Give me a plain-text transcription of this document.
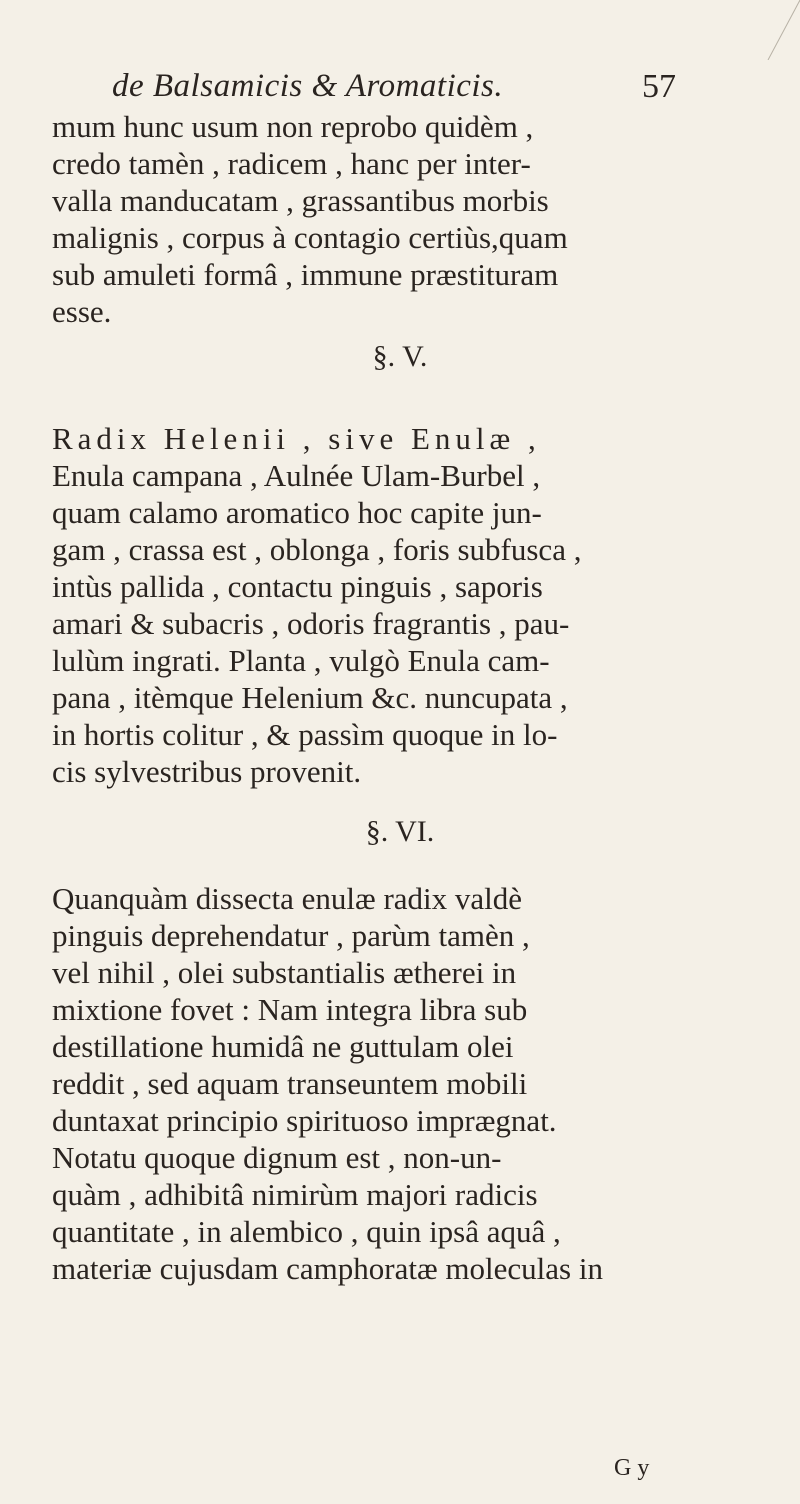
de Balsamicis & Aromaticis.	57
mum hunc usum non reprobo quidèm ,
credo tamèn , radicem , hanc per inter-
valla manducatam , grassantibus morbis
malignis , corpus à contagio certiùs,quam
sub amuleti formâ , immune præstituram
esse.
§. V.
Radix Helenii , sive Enulæ ,
Enula campana , Aulnée Ulam-Burbel ,
quam calamo aromatico hoc capite jun-
gam , crassa est , oblonga , foris subfusca ,
intùs pallida , contactu pinguis , saporis
amari & subacris , odoris fragrantis , pau-
lulùm ingrati. Planta , vulgò Enula cam-
pana , itèmque Helenium &c. nuncupata ,
in hortis colitur , & passìm quoque in lo-
cis sylvestribus provenit.
§. VI.
Quanquàm dissecta enulæ radix valdè
pinguis deprehendatur , parùm tamèn ,
vel nihil , olei substantialis ætherei in
mixtione fovet : Nam integra libra sub
destillatione humidâ ne guttulam olei
reddit , sed aquam transeuntem mobili
duntaxat principio spirituoso imprægnat.
Notatu quoque dignum est , non-un-
quàm , adhibitâ nimirùm majori radicis
quantitate , in alembico , quin ipsâ aquâ ,
materiæ cujusdam camphoratæ moleculas in
G y
